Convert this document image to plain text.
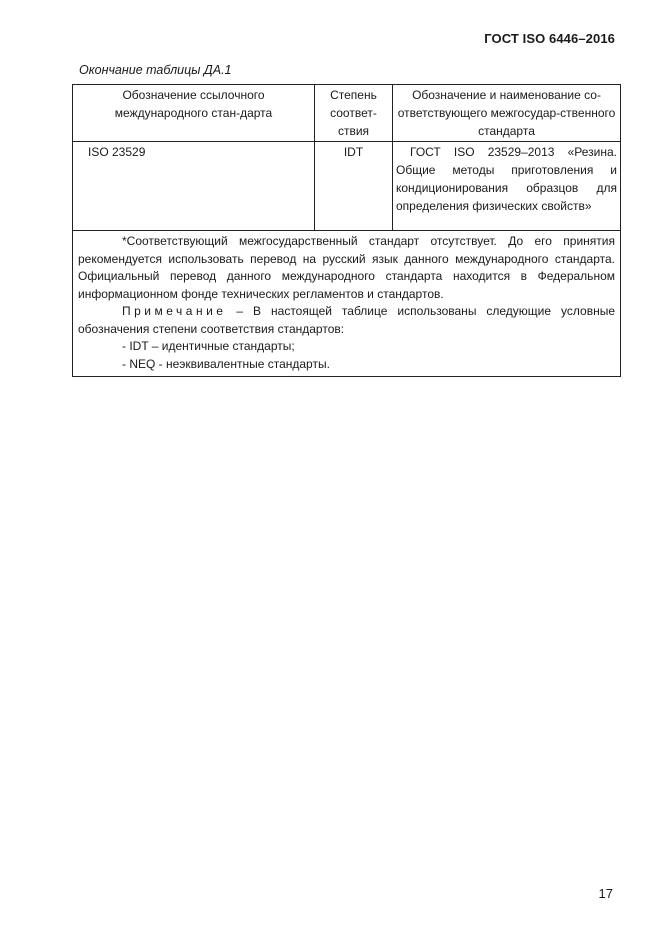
ГОСТ ISO 6446–2016
Окончание таблицы ДА.1
Обозначение ссылочного международного стан-дарта	Степень соответ-ствия	Обозначение и наименование со-ответствующего межгосудар-ственного стандарта
ISO 23529	IDT	ГОСТ ISO 23529–2013 «Резина. Общие методы приготовления и кондиционирования образцов для определения физических свойств»

*Соответствующий межгосударственный стандарт отсутствует. До его принятия рекомендуется использовать перевод на русский язык данного международного стандарта. Официальный перевод данного международного стандарта находится в Федеральном информационном фонде технических регламентов и стандартов.

Примечание – В настоящей таблице использованы следующие условные обозначения степени соответствия стандартов:

- IDT – идентичные стандарты;

- NEQ - неэквивалентные стандарты.		

17
